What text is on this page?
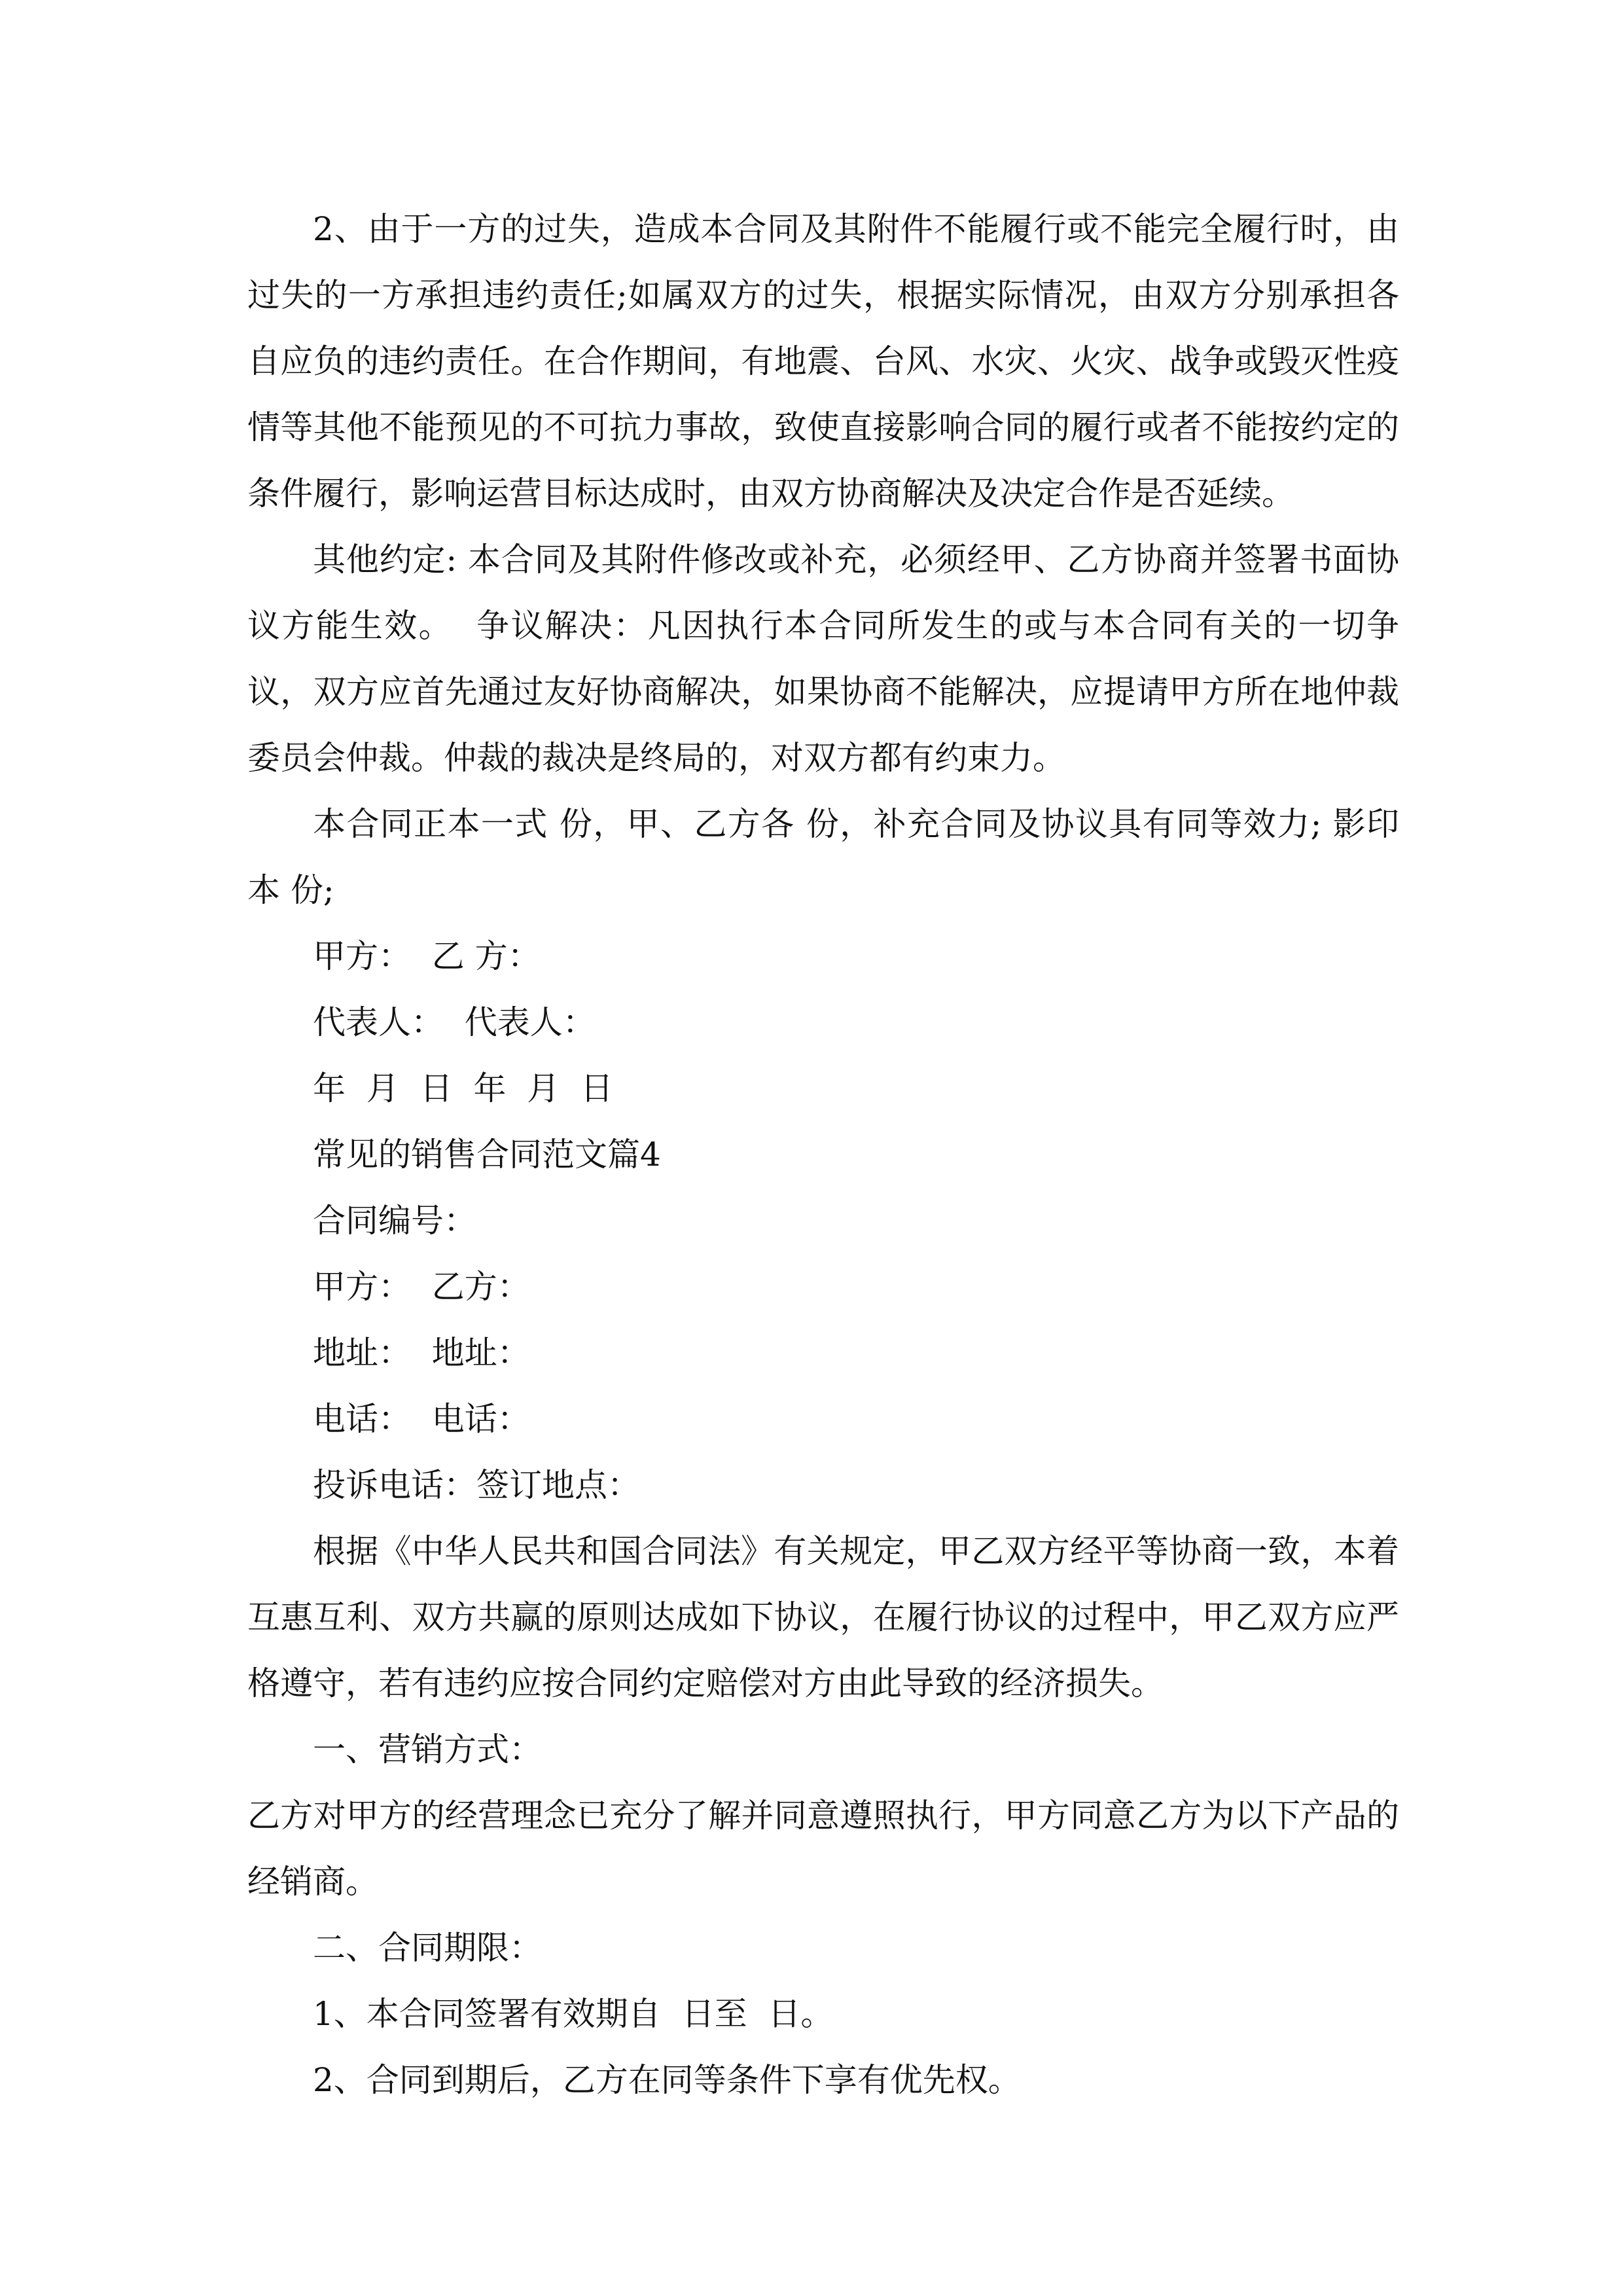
2、由于一方的过失，造成本合同及其附件不能履行或不能完全履行时，由过失的一方承担违约责任;如属双方的过失，根据实际情况，由双方分别承担各自应负的违约责任。在合作期间，有地震、台风、水灾、火灾、战争或毁灭性疫情等其他不能预见的不可抗力事故，致使直接影响合同的履行或者不能按约定的条件履行，影响运营目标达成时，由双方协商解决及决定合作是否延续。

其他约定: 本合同及其附件修改或补充，必须经甲、乙方协商并签署书面协议方能生效。  争议解决：凡因执行本合同所发生的或与本合同有关的一切争议，双方应首先通过友好协商解决，如果协商不能解决，应提请甲方所在地仲裁委员会仲裁。仲裁的裁决是终局的，对双方都有约束力。

本合同正本一式 份，甲、乙方各 份，补充合同及协议具有同等效力; 影印本 份;

甲方：  乙 方：

代表人：  代表人：

年  月  日  年  月  日

常见的销售合同范文篇4

合同编号：

甲方：  乙方：

地址：  地址：

电话：  电话：

投诉电话：签订地点：

根据《中华人民共和国合同法》有关规定，甲乙双方经平等协商一致，本着互惠互利、双方共赢的原则达成如下协议，在履行协议的过程中，甲乙双方应严格遵守，若有违约应按合同约定赔偿对方由此导致的经济损失。

一、营销方式：

乙方对甲方的经营理念已充分了解并同意遵照执行，甲方同意乙方为以下产品的经销商。

二、合同期限：

1、本合同签署有效期自  日至  日。

2、合同到期后，乙方在同等条件下享有优先权。
